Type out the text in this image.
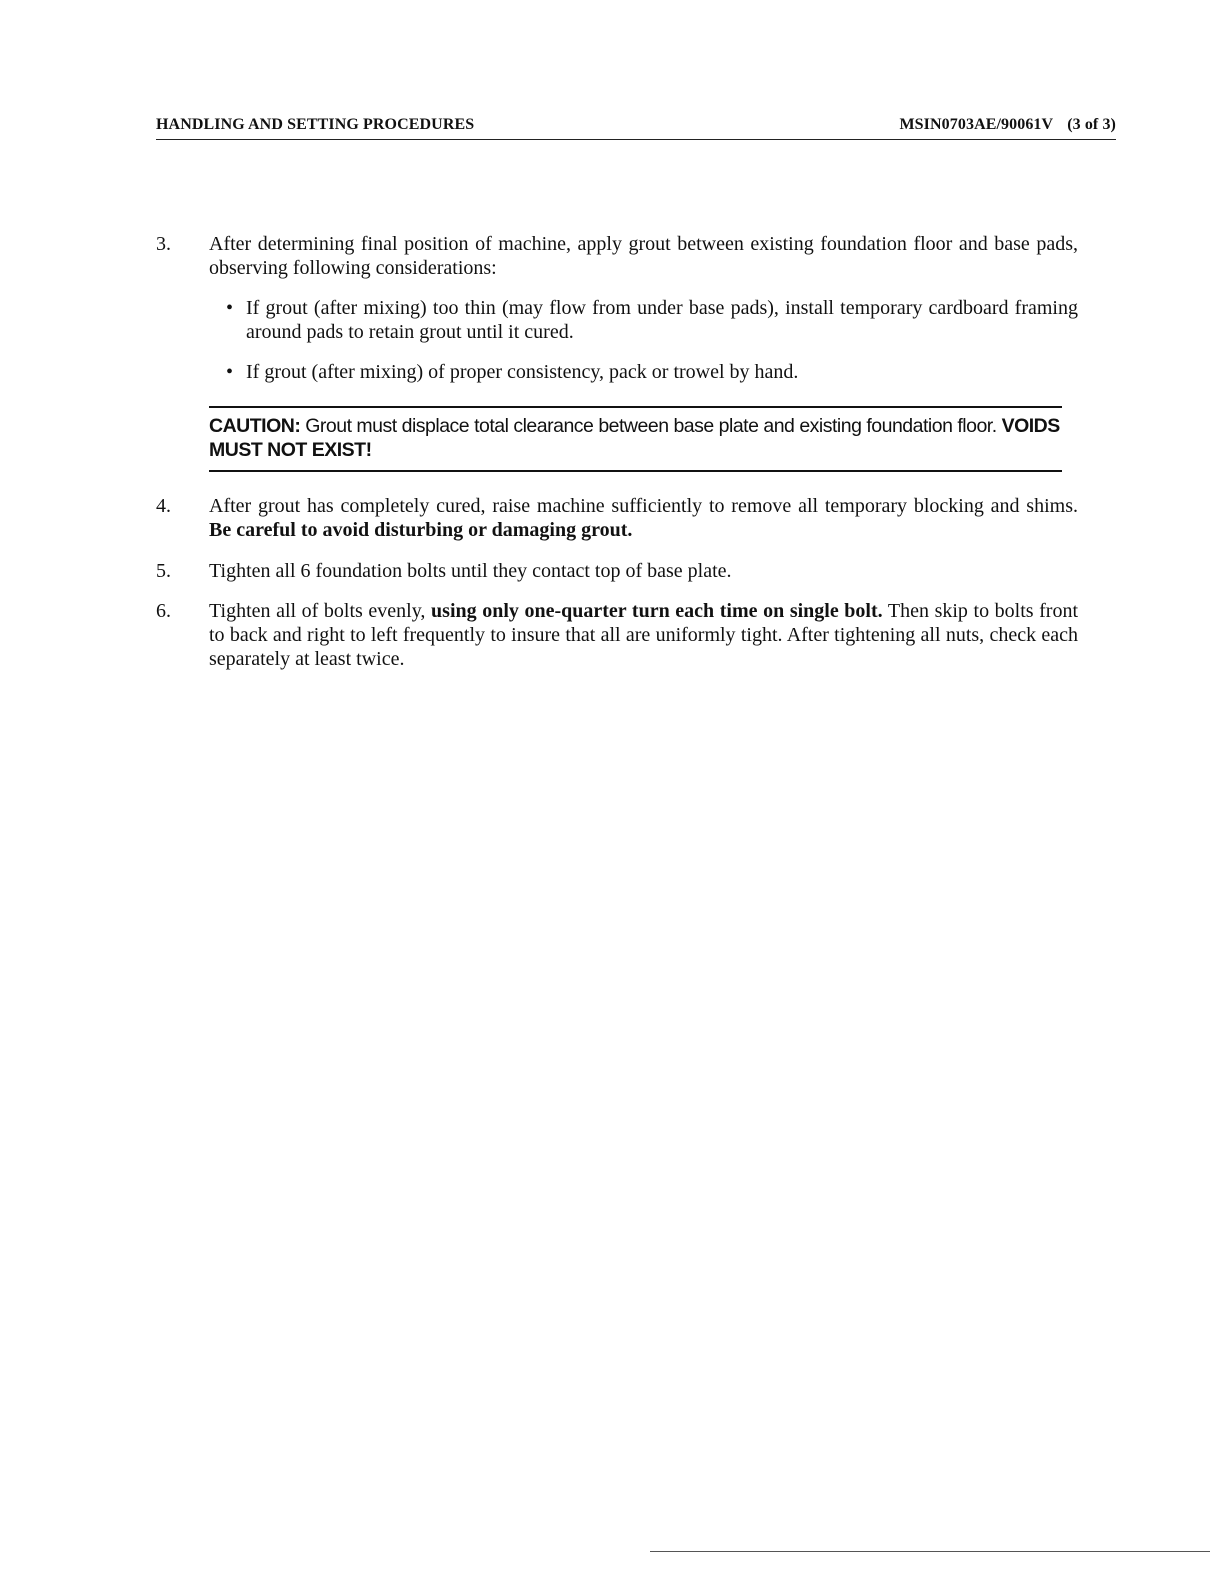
HANDLING AND SETTING PROCEDURES	MSIN0703AE/90061V (3 of 3)
3.	After determining final position of machine, apply grout between existing foundation floor and base pads, observing following considerations:
• If grout (after mixing) too thin (may flow from under base pads), install temporary cardboard framing around pads to retain grout until it cured.
• If grout (after mixing) of proper consistency, pack or trowel by hand.
CAUTION: Grout must displace total clearance between base plate and existing foundation floor. VOIDS MUST NOT EXIST!
4.	After grout has completely cured, raise machine sufficiently to remove all temporary blocking and shims. Be careful to avoid disturbing or damaging grout.
5.	Tighten all 6 foundation bolts until they contact top of base plate.
6.	Tighten all of bolts evenly, using only one-quarter turn each time on single bolt. Then skip to bolts front to back and right to left frequently to insure that all are uniformly tight. After tightening all nuts, check each separately at least twice.
